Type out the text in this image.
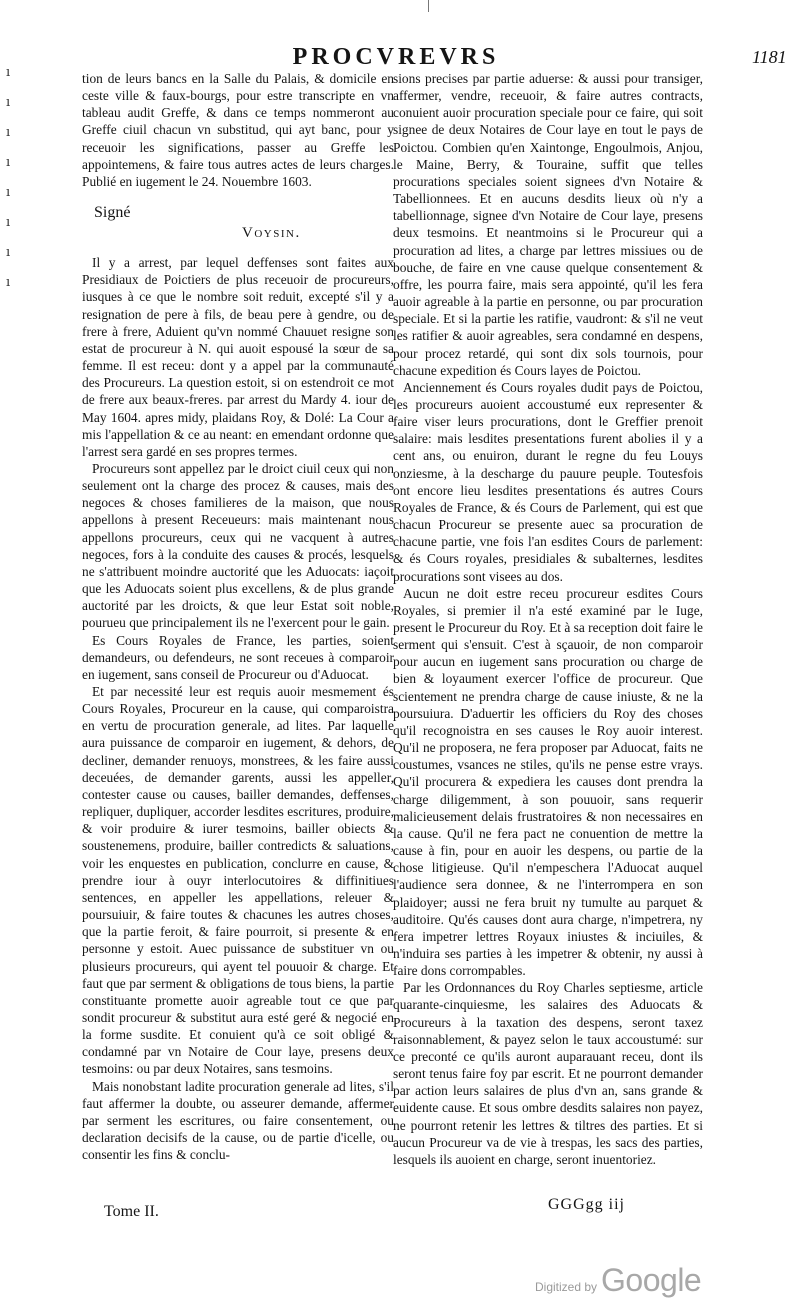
ı
ı
ı
ı
ı
ı
ı
ı
PROCVREVRS	1181

tion de leurs bancs en la Salle du Palais, & domicile en ceste ville & faux-bourgs, pour estre transcripte en vn tableau audit Greffe, & dans ce temps nommeront au Greffe ciuil chacun vn substitud, qui ayt banc, pour y receuoir les significations, passer au Greffe les appointemens, & faire tous autres actes de leurs charges. Publié en iugement le 24. Nouembre 1603.

Signé
Voysin.

Il y a arrest, par lequel deffenses sont faites aux Presidiaux de Poictiers de plus receuoir de procureurs, iusques à ce que le nombre soit reduit, excepté s'il y a resignation de pere à fils, de beau pere à gendre, ou de frere à frere, Aduient qu'vn nommé Chauuet resigne son estat de procureur à N. qui auoit espousé la sœur de sa femme. Il est receu: dont y a appel par la communauté des Procureurs. La question estoit, si on estendroit ce mot de frere aux beaux-freres. par arrest du Mardy 4. iour de May 1604. apres midy, plaidans Roy, & Dolé: La Cour a mis l'appellation & ce au neant: en emendant ordonne que l'arrest sera gardé en ses propres termes.

Procureurs sont appellez par le droict ciuil ceux qui non seulement ont la charge des procez & causes, mais des negoces & choses familieres de la maison, que nous appellons à present Receueurs: mais maintenant nous appellons procureurs, ceux qui ne vacquent à autres negoces, fors à la conduite des causes & procés, lesquels ne s'attribuent moindre auctorité que les Aduocats: iaçoit que les Aduocats soient plus excellens, & de plus grande auctorité par les droicts, & que leur Estat soit noble, pourueu que principalement ils ne l'exercent pour le gain.

Es Cours Royales de France, les parties, soient demandeurs, ou defendeurs, ne sont receues à comparoir en iugement, sans conseil de Procureur ou d'Aduocat.

Et par necessité leur est requis auoir mesmement és Cours Royales, Procureur en la cause, qui comparoistra en vertu de procuration generale, ad lites. Par laquelle aura puissance de comparoir en iugement, & dehors, de decliner, demander renuoys, monstrees, & les faire aussi deceuées, de demander garents, aussi les appeller, contester cause ou causes, bailler demandes, deffenses, repliquer, dupliquer, accorder lesdites escritures, produire, & voir produire & iurer tesmoins, bailler obiects & soustenemens, produire, bailler contredicts & saluations, voir les enquestes en publication, conclurre en cause, & prendre iour à ouyr interlocutoires & diffinitiues sentences, en appeller les appellations, releuer & poursuiuir, & faire toutes & chacunes les autres choses, que la partie feroit, & faire pourroit, si presente & en personne y estoit. Auec puissance de substituer vn ou plusieurs procureurs, qui ayent tel pouuoir & charge. Et faut que par serment & obligations de tous biens, la partie constituante promette auoir agreable tout ce que par sondit procureur & substitut aura esté geré & negocié en la forme susdite. Et conuient qu'à ce soit obligé & condamné par vn Notaire de Cour laye, presens deux tesmoins: ou par deux Notaires, sans tesmoins.

Mais nonobstant ladite procuration generale ad lites, s'il faut affermer la doubte, ou asseurer demande, affermer par serment les escritures, ou faire consentement, ou declaration decisifs de la cause, ou de partie d'icelle, ou consentir les fins & conclu-

sions precises par partie aduerse: & aussi pour transiger, affermer, vendre, receuoir, & faire autres contracts, conuient auoir procuration speciale pour ce faire, qui soit signee de deux Notaires de Cour laye en tout le pays de Poictou. Combien qu'en Xaintonge, Engoulmois, Anjou, le Maine, Berry, & Touraine, suffit que telles procurations speciales soient signees d'vn Notaire & Tabellionnees. Et en aucuns desdits lieux où n'y a tabellionnage, signee d'vn Notaire de Cour laye, presens deux tesmoins. Et neantmoins si le Procureur qui a procuration ad lites, a charge par lettres missiues ou de bouche, de faire en vne cause quelque consentement & offre, les pourra faire, mais sera appointé, qu'il les fera auoir agreable à la partie en personne, ou par procuration speciale. Et si la partie les ratifie, vaudront: & s'il ne veut les ratifier & auoir agreables, sera condamné en despens, pour procez retardé, qui sont dix sols tournois, pour chacune expedition és Cours layes de Poictou.

Anciennement és Cours royales dudit pays de Poictou, les procureurs auoient accoustumé eux representer & faire viser leurs procurations, dont le Greffier prenoit salaire: mais lesdites presentations furent abolies il y a cent ans, ou enuiron, durant le regne du feu Louys onziesme, à la descharge du pauure peuple. Toutesfois ont encore lieu lesdites presentations és autres Cours Royales de France, & és Cours de Parlement, qui est que chacun Procureur se presente auec sa procuration de chacune partie, vne fois l'an esdites Cours de parlement: & és Cours royales, presidiales & subalternes, lesdites procurations sont visees au dos.

Aucun ne doit estre receu procureur esdites Cours Royales, si premier il n'a esté examiné par le Iuge, present le Procureur du Roy. Et à sa reception doit faire le serment qui s'ensuit. C'est à sçauoir, de non comparoir pour aucun en iugement sans procuration ou charge de bien & loyaument exercer l'office de procureur. Que scientement ne prendra charge de cause iniuste, & ne la poursuiura. D'aduertir les officiers du Roy des choses qu'il recognoistra en ses causes le Roy auoir interest. Qu'il ne proposera, ne fera proposer par Aduocat, faits ne coustumes, vsances ne stiles, qu'ils ne pense estre vrays. Qu'il procurera & expediera les causes dont prendra la charge diligemment, à son pouuoir, sans requerir malicieusement delais frustratoires & non necessaires en la cause. Qu'il ne fera pact ne conuention de mettre la cause à fin, pour en auoir les despens, ou partie de la chose litigieuse. Qu'il n'empeschera l'Aduocat auquel l'audience sera donnee, & ne l'interrompera en son plaidoyer; aussi ne fera bruit ny tumulte au parquet & auditoire. Qu'és causes dont aura charge, n'impetrera, ny fera impetrer lettres Royaux iniustes & inciuiles, & n'induira ses parties à les impetrer & obtenir, ny aussi à faire dons corrompables.

Par les Ordonnances du Roy Charles septiesme, article quarante-cinquiesme, les salaires des Aduocats & Procureurs à la taxation des despens, seront taxez raisonnablement, & payez selon le taux accoustumé: sur ce preconté ce qu'ils auront auparauant receu, dont ils seront tenus faire foy par escrit. Et ne pourront demander par action leurs salaires de plus d'vn an, sans grande & euidente cause. Et sous ombre desdits salaires non payez, ne pourront retenir les lettres & tiltres des parties. Et si aucun Procureur va de vie à trespas, les sacs des parties, lesquels ils auoient en charge, seront inuentoriez.

Tome II.	GGGgg iij
Digitized by Google
